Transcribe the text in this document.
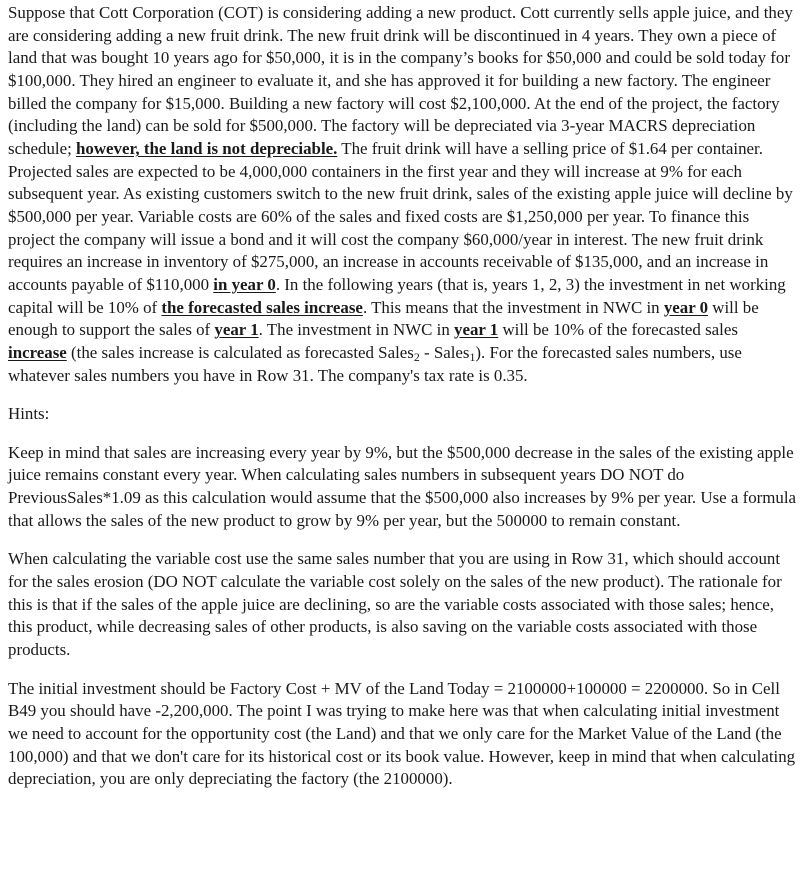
Suppose that Cott Corporation (COT) is considering adding a new product. Cott currently sells apple juice, and they are considering adding a new fruit drink. The new fruit drink will be discontinued in 4 years. They own a piece of land that was bought 10 years ago for $50,000, it is in the company’s books for $50,000 and could be sold today for $100,000. They hired an engineer to evaluate it, and she has approved it for building a new factory. The engineer billed the company for $15,000. Building a new factory will cost $2,100,000. At the end of the project, the factory (including the land) can be sold for $500,000. The factory will be depreciated via 3-year MACRS depreciation schedule; however, the land is not depreciable. The fruit drink will have a selling price of $1.64 per container. Projected sales are expected to be 4,000,000 containers in the first year and they will increase at 9% for each subsequent year. As existing customers switch to the new fruit drink, sales of the existing apple juice will decline by $500,000 per year. Variable costs are 60% of the sales and fixed costs are $1,250,000 per year. To finance this project the company will issue a bond and it will cost the company $60,000/year in interest. The new fruit drink requires an increase in inventory of $275,000, an increase in accounts receivable of $135,000, and an increase in accounts payable of $110,000 in year 0. In the following years (that is, years 1, 2, 3) the investment in net working capital will be 10% of the forecasted sales increase. This means that the investment in NWC in year 0 will be enough to support the sales of year 1. The investment in NWC in year 1 will be 10% of the forecasted sales increase (the sales increase is calculated as forecasted Sales$_2$ - Sales$_1$). For the forecasted sales numbers, use whatever sales numbers you have in Row 31. The company's tax rate is 0.35.

Hints:

Keep in mind that sales are increasing every year by 9%, but the $500,000 decrease in the sales of the existing apple juice remains constant every year. When calculating sales numbers in subsequent years DO NOT do PreviousSales*1.09 as this calculation would assume that the $500,000 also increases by 9% per year. Use a formula that allows the sales of the new product to grow by 9% per year, but the 500000 to remain constant.

When calculating the variable cost use the same sales number that you are using in Row 31, which should account for the sales erosion (DO NOT calculate the variable cost solely on the sales of the new product). The rationale for this is that if the sales of the apple juice are declining, so are the variable costs associated with those sales; hence, this product, while decreasing sales of other products, is also saving on the variable costs associated with those products.

The initial investment should be Factory Cost + MV of the Land Today = 2100000+100000 = 2200000. So in Cell B49 you should have -2,200,000. The point I was trying to make here was that when calculating initial investment we need to account for the opportunity cost (the Land) and that we only care for the Market Value of the Land (the 100,000) and that we don't care for its historical cost or its book value. However, keep in mind that when calculating depreciation, you are only depreciating the factory (the 2100000).
